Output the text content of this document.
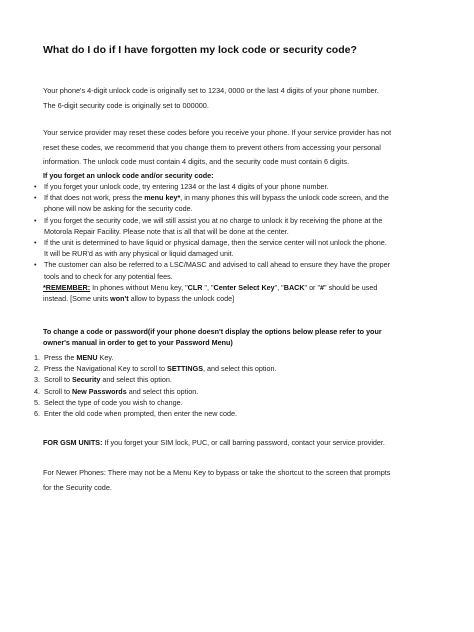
What do I do if I have forgotten my lock code or security code?
Your phone's 4-digit unlock code is originally set to 1234, 0000 or the last 4 digits of your phone number.
The 6-digit security code is originally set to 000000.
Your service provider may reset these codes before you receive your phone. If your service provider has not
reset these codes, we recommend that you change them to prevent others from accessing your personal
information. The unlock code must contain 4 digits, and the security code must contain 6 digits.
If you forget an unlock code and/or security code:
• If you forget your unlock code, try entering 1234 or the last 4 digits of your phone number.
• If that does not work, press the menu key*, in many phones this will bypass the unlock code screen, and the
phone will now be asking for the security code.
• If you forget the security code, we will still assist you at no charge to unlock it by receiving the phone at the
Motorola Repair Facility. Please note that is all that will be done at the center.
• If the unit is determined to have liquid or physical damage, then the service center will not unlock the phone.
It will be RUR'd as with any physical or liquid damaged unit.
• The customer can also be referred to a LSC/MASC and advised to call ahead to ensure they have the proper
tools and to check for any potential fees.
*REMEMBER: In phones without Menu key, "CLR ", "Center Select Key", "BACK" or "#" should be used
instead. [Some units won't allow to bypass the unlock code]
To change a code or password(if your phone doesn't display the options below please refer to your
owner's manual in order to get to your Password Menu)
1. Press the MENU Key.
2. Press the Navigational Key to scroll to SETTINGS, and select this option.
3. Scroll to Security and select this option.
4. Scroll to New Passwords and select this option.
5. Select the type of code you wish to change.
6. Enter the old code when prompted, then enter the new code.
FOR GSM UNITS: If you forget your SIM lock, PUC, or call barring password, contact your service provider.
For Newer Phones: There may not be a Menu Key to bypass or take the shortcut to the screen that prompts
for the Security code.
